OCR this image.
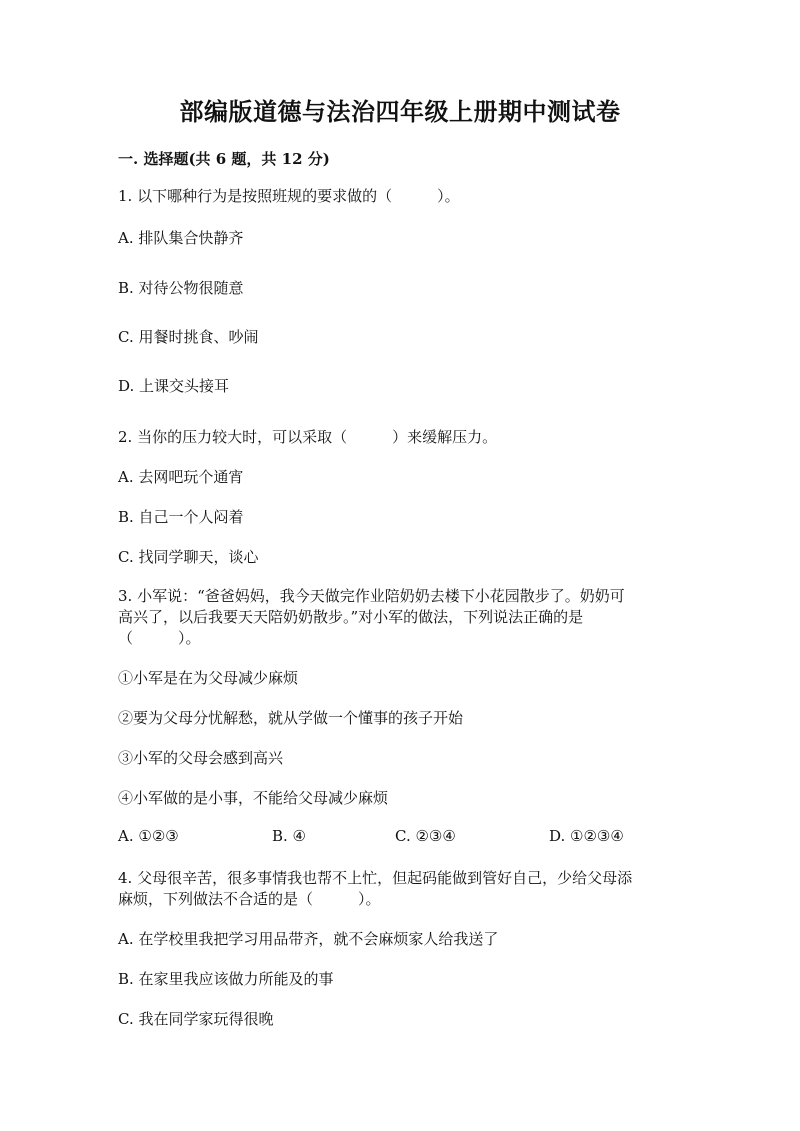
部编版道德与法治四年级上册期中测试卷
一. 选择题(共 6 题，共 12 分)
1. 以下哪种行为是按照班规的要求做的（　　　）。
A. 排队集合快静齐
B. 对待公物很随意
C. 用餐时挑食、吵闹
D. 上课交头接耳
2. 当你的压力较大时，可以采取（　　　）来缓解压力。
A. 去网吧玩个通宵
B. 自己一个人闷着
C. 找同学聊天，谈心
3. 小军说：“爸爸妈妈，我今天做完作业陪奶奶去楼下小花园散步了。奶奶可
高兴了，以后我要天天陪奶奶散步。”对小军的做法，下列说法正确的是
（　　　）。
①小军是在为父母减少麻烦
②要为父母分忧解愁，就从学做一个懂事的孩子开始
③小军的父母会感到高兴
④小军做的是小事，不能给父母减少麻烦
A. ①②③	B. ④	C. ②③④	D. ①②③④
4. 父母很辛苦，很多事情我也帮不上忙，但起码能做到管好自己，少给父母添
麻烦，下列做法不合适的是（　　　）。
A. 在学校里我把学习用品带齐，就不会麻烦家人给我送了
B. 在家里我应该做力所能及的事
C. 我在同学家玩得很晚
